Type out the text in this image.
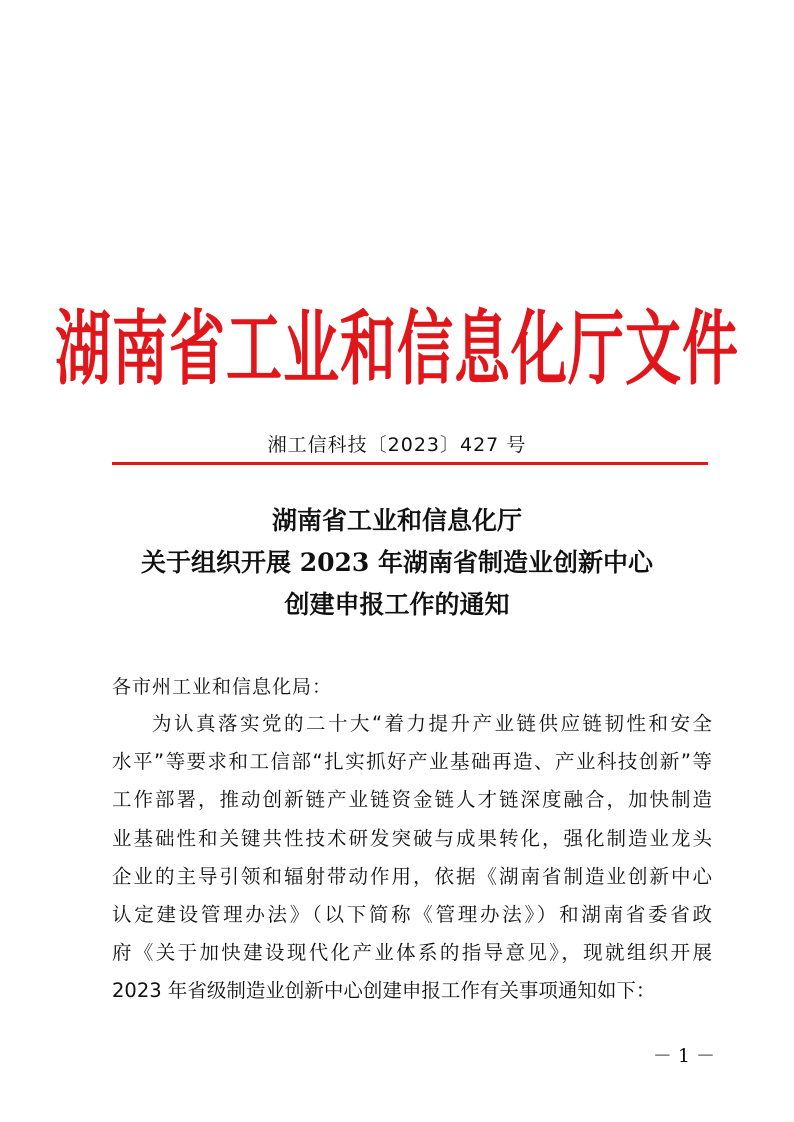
湖南省工业和信息化厅文件
湘工信科技〔2023〕427 号
湖南省工业和信息化厅
关于组织开展 2023 年湖南省制造业创新中心
创建申报工作的通知
各市州工业和信息化局：
为认真落实党的二十大“着力提升产业链供应链韧性和安全
水平”等要求和工信部“扎实抓好产业基础再造、产业科技创新”等
工作部署，推动创新链产业链资金链人才链深度融合，加快制造
业基础性和关键共性技术研发突破与成果转化，强化制造业龙头
企业的主导引领和辐射带动作用，依据《湖南省制造业创新中心
认定建设管理办法》（以下简称《管理办法》）和湖南省委省政
府《关于加快建设现代化产业体系的指导意见》，现就组织开展
2023 年省级制造业创新中心创建申报工作有关事项通知如下：
－ 1 －
